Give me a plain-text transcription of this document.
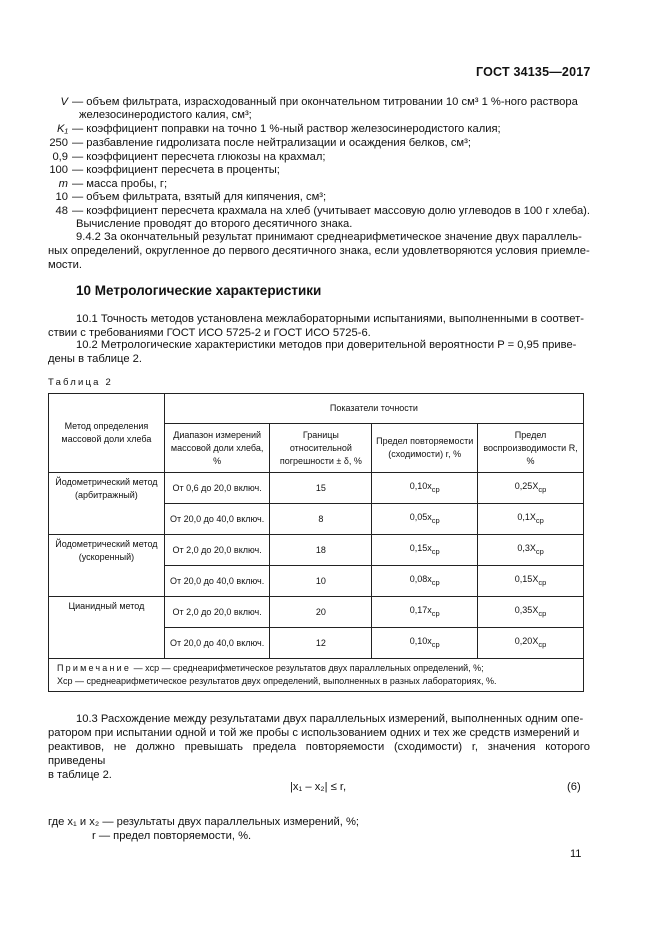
ГОСТ 34135—2017
V — объем фильтрата, израсходованный при окончательном титровании 10 см³ 1 %-ного раствора
железосинеродистого калия, см³;
K₁ — коэффициент поправки на точно 1 %-ный раствор железосинеродистого калия;
250 — разбавление гидролизата после нейтрализации и осаждения белков, см³;
0,9 — коэффициент пересчета глюкозы на крахмал;
100 — коэффициент пересчета в проценты;
m — масса пробы, г;
10 — объем фильтрата, взятый для кипячения, см³;
48 — коэффициент пересчета крахмала на хлеб (учитывает массовую долю углеводов в 100 г хлеба).
Вычисление проводят до второго десятичного знака.
9.4.2 За окончательный результат принимают среднеарифметическое значение двух параллель-
ных определений, округленное до первого десятичного знака, если удовлетворяются условия приемле-
мости.
10 Метрологические характеристики
10.1 Точность методов установлена межлабораторными испытаниями, выполненными в соответ-
ствии с требованиями ГОСТ ИСО 5725-2 и ГОСТ ИСО 5725-6.
10.2 Метрологические характеристики методов при доверительной вероятности P = 0,95 приве-
дены в таблице 2.
Таблица 2
Метод определения массовой доли хлеба	Показатели точности			
	Диапазон измерений массовой доли хлеба, %	Границы относительной погрешности ± δ, %	Предел повторяемости (сходимости) r, %	Предел воспроизводимости R, %
Йодометрический метод (арбитражный)	От 0,6 до 20,0 включ.	15	$0,10x_{ср}$	$0,25X_{ср}$
	От 20,0 до 40,0 включ.	8	$0,05x_{ср}$	$0,1X_{ср}$
Йодометрический метод (ускоренный)	От 2,0 до 20,0 включ.	18	$0,15x_{ср}$	$0,3X_{ср}$
	От 20,0 до 40,0 включ.	10	$0,08x_{ср}$	$0,15X_{ср}$
Цианидный метод	От 2,0 до 20,0 включ.	20	$0,17x_{ср}$	$0,35X_{ср}$
	От 20,0 до 40,0 включ.	12	$0,10x_{ср}$	$0,20X_{ср}$

Примечание — xср — среднеарифметическое результатов двух параллельных определений, %;
Xср — среднеарифметическое результатов двух определений, выполненных в разных лабораториях, %.				
10.3 Расхождение между результатами двух параллельных измерений, выполненных одним опе-
ратором при испытании одной и той же пробы с использованием одних и тех же средств измерений и
реактивов, не должно превышать предела повторяемости (сходимости) r, значения которого приведены
в таблице 2.
|x₁ – x₂| ≤ r,	(6)
где x₁ и x₂ — результаты двух параллельных измерений, %;
r — предел повторяемости, %.
11
